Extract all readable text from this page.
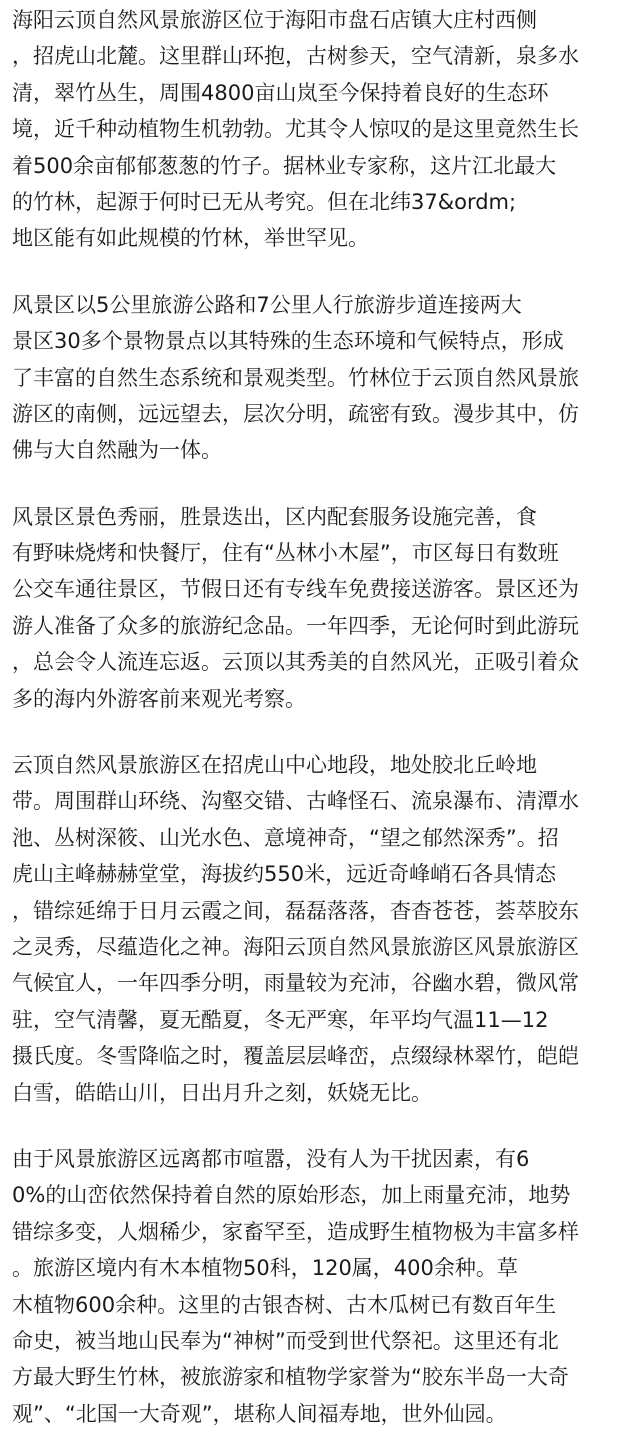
海阳云顶自然风景旅游区位于海阳市盘石店镇大庄村西侧
，招虎山北麓。这里群山环抱，古树参天，空气清新，泉多水
清，翠竹丛生，周围4800亩山岚至今保持着良好的生态环
境，近千种动植物生机勃勃。尤其令人惊叹的是这里竟然生长
着500余亩郁郁葱葱的竹子。据林业专家称，这片江北最大
的竹林，起源于何时已无从考究。但在北纬37&ordm;
地区能有如此规模的竹林，举世罕见。
风景区以5公里旅游公路和7公里人行旅游步道连接两大
景区30多个景物景点以其特殊的生态环境和气候特点，形成
了丰富的自然生态系统和景观类型。竹林位于云顶自然风景旅
游区的南侧，远远望去，层次分明，疏密有致。漫步其中，仿
佛与大自然融为一体。
风景区景色秀丽，胜景迭出，区内配套服务设施完善，食
有野味烧烤和快餐厅，住有“丛林小木屋”，市区每日有数班
公交车通往景区，节假日还有专线车免费接送游客。景区还为
游人准备了众多的旅游纪念品。一年四季，无论何时到此游玩
，总会令人流连忘返。云顶以其秀美的自然风光，正吸引着众
多的海内外游客前来观光考察。
云顶自然风景旅游区在招虎山中心地段，地处胶北丘岭地
带。周围群山环绕、沟壑交错、古峰怪石、流泉瀑布、清潭水
池、丛树深筱、山光水色、意境神奇，“望之郁然深秀”。招
虎山主峰赫赫堂堂，海拔约550米，远近奇峰峭石各具情态
，错综延绵于日月云霞之间，磊磊落落，杳杳苍苍，荟萃胶东
之灵秀，尽蕴造化之神。海阳云顶自然风景旅游区风景旅游区
气候宜人，一年四季分明，雨量较为充沛，谷幽水碧，微风常
驻，空气清馨，夏无酷夏，冬无严寒，年平均气温11—12
摄氏度。冬雪降临之时，覆盖层层峰峦，点缀绿林翠竹，皑皑
白雪，皓皓山川，日出月升之刻，妖娆无比。
由于风景旅游区远离都市喧嚣，没有人为干扰因素，有6
0%的山峦依然保持着自然的原始形态，加上雨量充沛，地势
错综多变，人烟稀少，家畜罕至，造成野生植物极为丰富多样
。旅游区境内有木本植物50科，120属，400余种。草
木植物600余种。这里的古银杏树、古木瓜树已有数百年生
命史，被当地山民奉为“神树”而受到世代祭祀。这里还有北
方最大野生竹林，被旅游家和植物学家誉为“胶东半岛一大奇
观”、“北国一大奇观”，堪称人间福寿地，世外仙园。
